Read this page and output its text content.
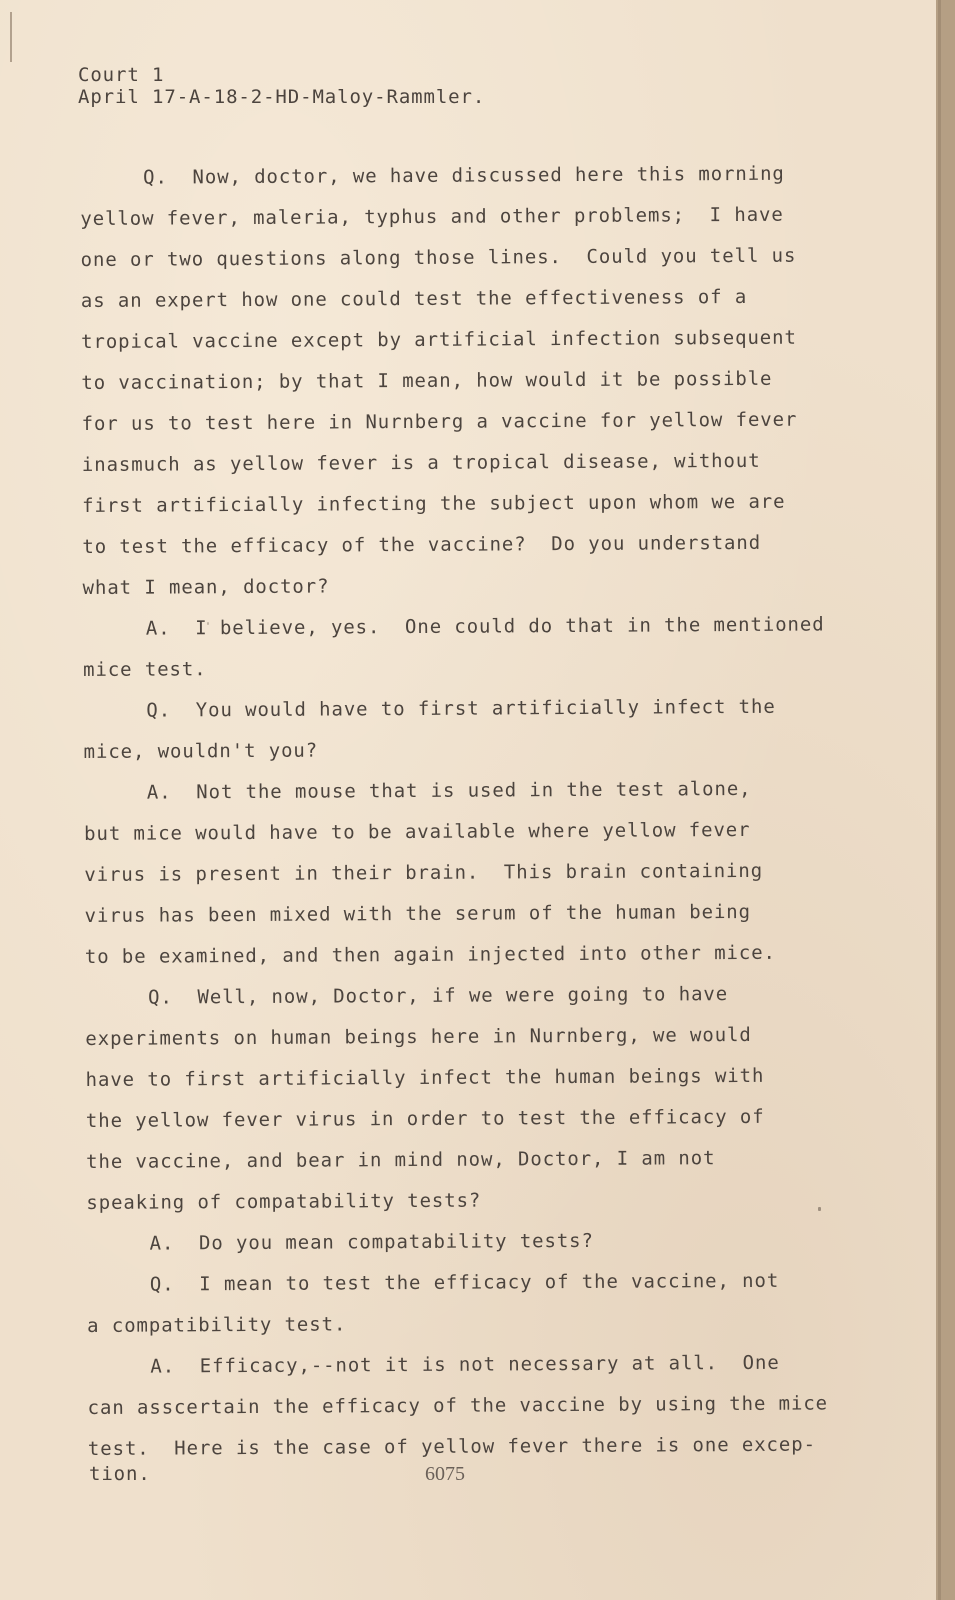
Court 1
April 17-A-18-2-HD-Maloy-Rammler.
Q.  Now, doctor, we have discussed here this morning
yellow fever, maleria, typhus and other problems;  I have
one or two questions along those lines.  Could you tell us
as an expert how one could test the effectiveness of a
tropical vaccine except by artificial infection subsequent
to vaccination; by that I mean, how would it be possible
for us to test here in Nurnberg a vaccine for yellow fever
inasmuch as yellow fever is a tropical disease, without
first artificially infecting the subject upon whom we are
to test the efficacy of the vaccine?  Do you understand
what I mean, doctor?
A.  I believe, yes.  One could do that in the mentioned
mice test.
Q.  You would have to first artificially infect the
mice, wouldn't you?
A.  Not the mouse that is used in the test alone,
but mice would have to be available where yellow fever
virus is present in their brain.  This brain containing
virus has been mixed with the serum of the human being
to be examined, and then again injected into other mice.
Q.  Well, now, Doctor, if we were going to have
experiments on human beings here in Nurnberg, we would
have to first artificially infect the human beings with
the yellow fever virus in order to test the efficacy of
the vaccine, and bear in mind now, Doctor, I am not
speaking of compatability tests?
A.  Do you mean compatability tests?
Q.  I mean to test the efficacy of the vaccine, not
a compatibility test.
A.  Efficacy,--not it is not necessary at all.  One
can asscertain the efficacy of the vaccine by using the mice
test.  Here is the case of yellow fever there is one excep-
tion.	6075
